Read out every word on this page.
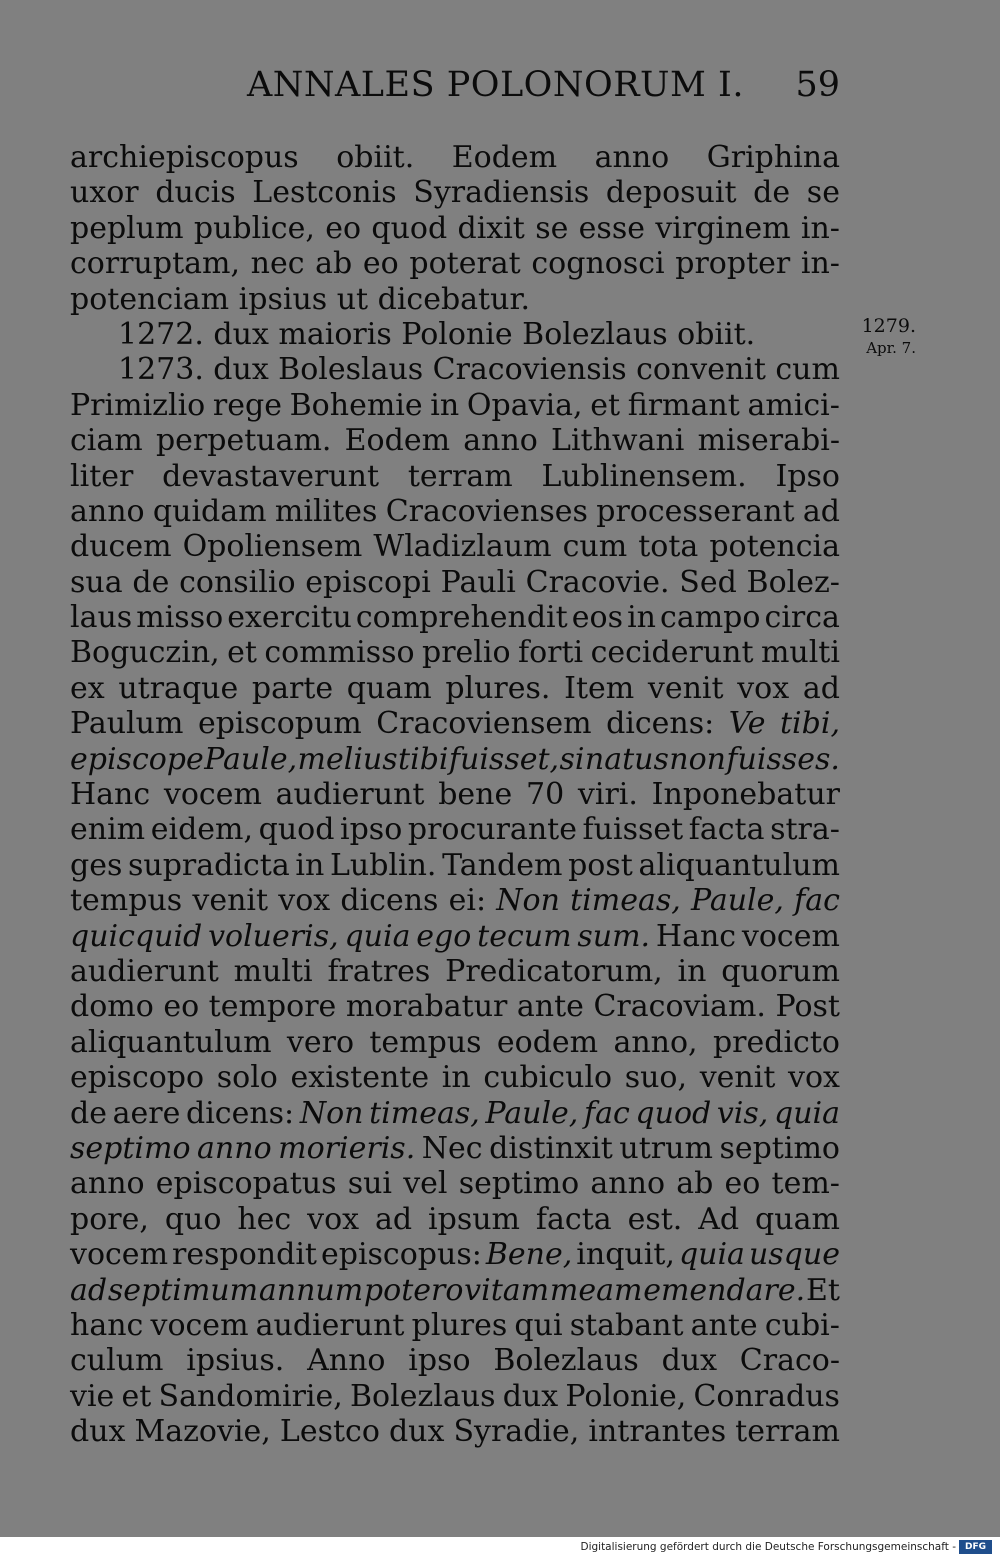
ANNALES POLONORUM I. 59
1279.
Apr. 7.
archiepiscopus obiit. Eodem anno Griphina
uxor ducis Lestconis Syradiensis deposuit de se
peplum publice, eo quod dixit se esse virginem in-
corruptam, nec ab eo poterat cognosci propter in-
potenciam ipsius ut dicebatur.
1272. dux maioris Polonie Bolezlaus obiit.
1273. dux Boleslaus Cracoviensis convenit cum
Primizlio rege Bohemie in Opavia, et firmant amici-
ciam perpetuam. Eodem anno Lithwani miserabi-
liter devastaverunt terram Lublinensem. Ipso
anno quidam milites Cracovienses processerant ad
ducem Opoliensem Wladizlaum cum tota potencia
sua de consilio episcopi Pauli Cracovie. Sed Bolez-
laus misso exercitu comprehendit eos in campo circa
Boguczin, et commisso prelio forti ceciderunt multi
ex utraque parte quam plures. Item venit vox ad
Paulum episcopum Cracoviensem dicens: Ve tibi,
episcope Paule, melius tibi fuisset, si natus non fuisses.
Hanc vocem audierunt bene 70 viri. Inponebatur
enim eidem, quod ipso procurante fuisset facta stra-
ges supradicta in Lublin. Tandem post aliquantulum
tempus venit vox dicens ei: Non timeas, Paule, fac
quicquid volueris, quia ego tecum sum. Hanc vocem
audierunt multi fratres Predicatorum, in quorum
domo eo tempore morabatur ante Cracoviam. Post
aliquantulum vero tempus eodem anno, predicto
episcopo solo existente in cubiculo suo, venit vox
de aere dicens: Non timeas, Paule, fac quod vis, quia
septimo anno morieris. Nec distinxit utrum septimo
anno episcopatus sui vel septimo anno ab eo tem-
pore, quo hec vox ad ipsum facta est. Ad quam
vocem respondit episcopus: Bene, inquit, quia usque
ad septimum annum potero vitam meam emendare. Et
hanc vocem audierunt plures qui stabant ante cubi-
culum ipsius. Anno ipso Bolezlaus dux Craco-
vie et Sandomirie, Bolezlaus dux Polonie, Conradus
dux Mazovie, Lestco dux Syradie, intrantes terram
Digitalisierung gefördert durch die Deutsche Forschungsgemeinschaft - DFG
